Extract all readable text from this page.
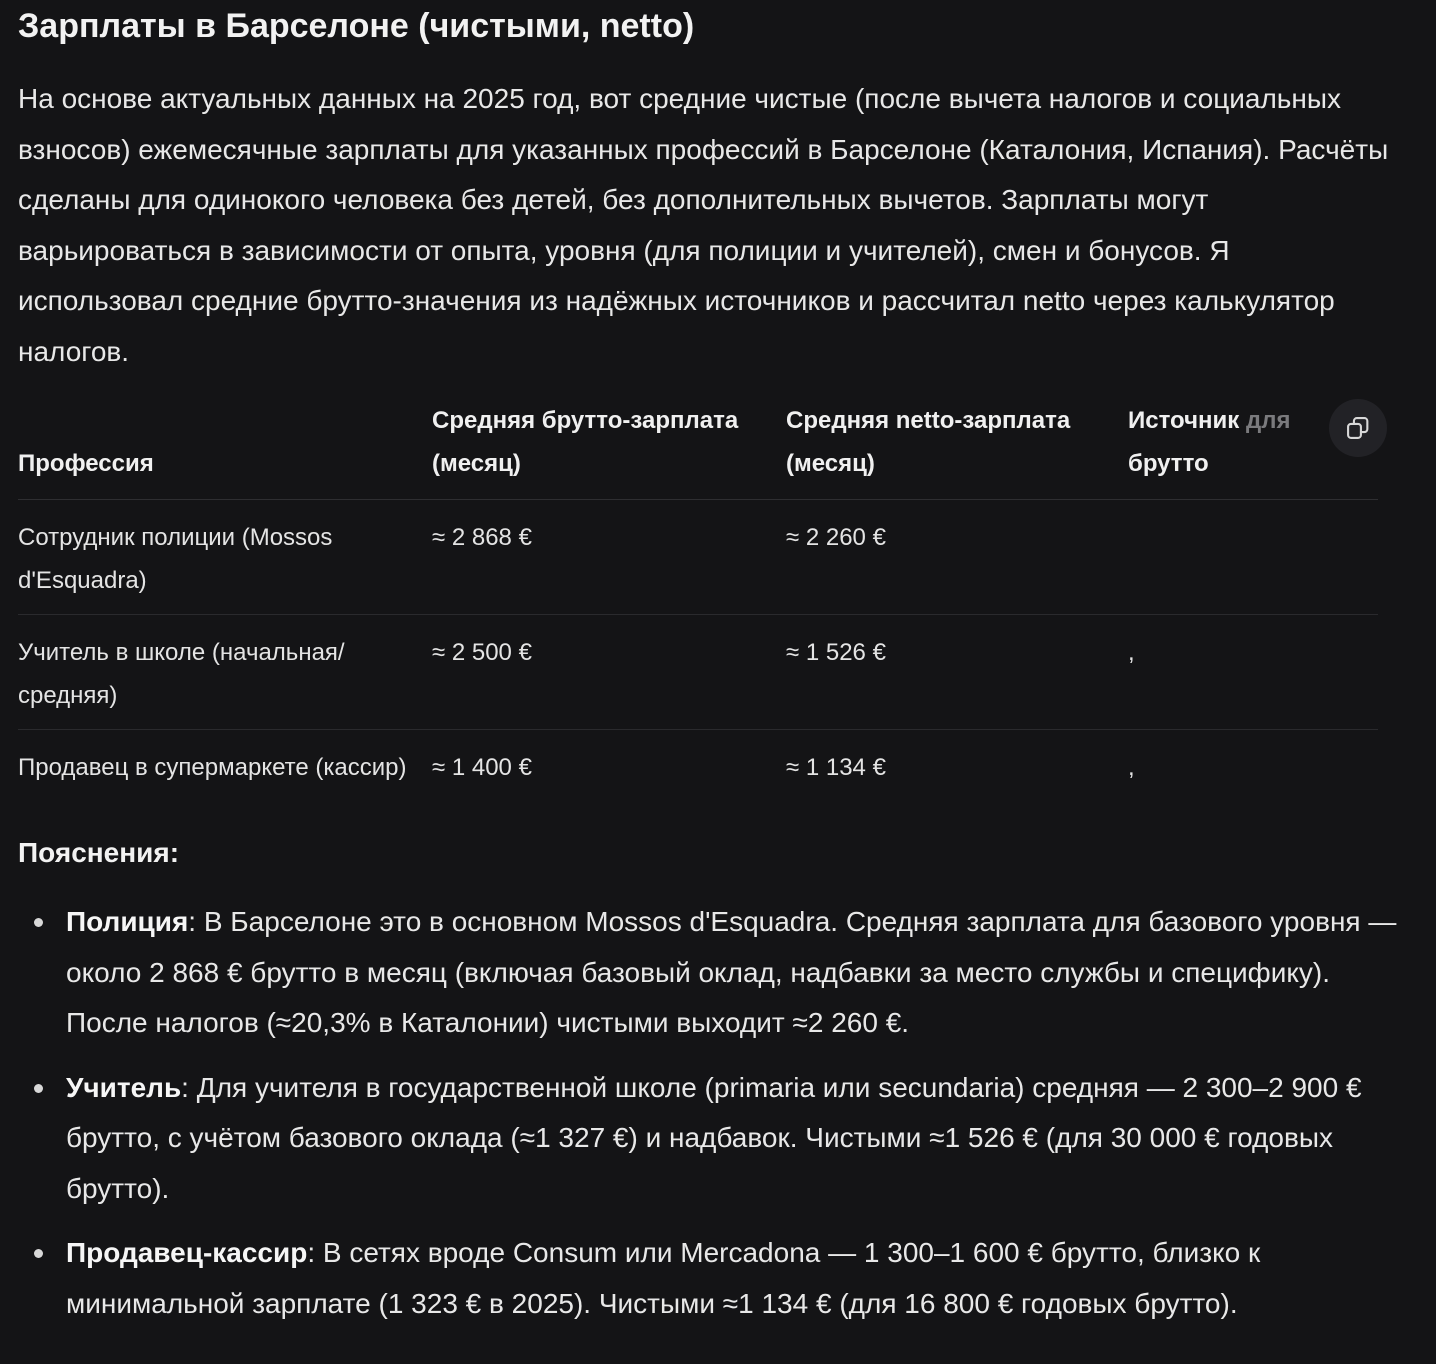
Зарплаты в Барселоне (чистыми, netto)

На основе актуальных данных на 2025 год, вот средние чистые (после вычета налогов и социальных взносов) ежемесячные зарплаты для указанных профессий в Барселоне (Каталония, Испания). Расчёты сделаны для одинокого человека без детей, без дополнительных вычетов. Зарплаты могут варьироваться в зависимости от опыта, уровня (для полиции и учителей), смен и бонусов. Я использовал средние брутто-значения из надёжных источников и рассчитал netto через калькулятор налогов.

Профессия	Средняя брутто-зарплата (месяц)	Средняя netto-зарплата (месяц)	Источник для
брутто
Сотрудник полиции (Mossos d'Esquadra)	≈ 2 868 €	≈ 2 260 €	
Учитель в школе (начальная/средняя)	≈ 2 500 €	≈ 1 526 €	,
Продавец в супермаркете (кассир)	≈ 1 400 €	≈ 1 134 €	,
Пояснения:
Полиция: В Барселоне это в основном Mossos d'Esquadra. Средняя зарплата для базового уровня — около 2 868 € брутто в месяц (включая базовый оклад, надбавки за место службы и специфику). После налогов (≈20,3% в Каталонии) чистыми выходит ≈2 260 €.
Учитель: Для учителя в государственной школе (primaria или secundaria) средняя — 2 300–2 900 € брутто, с учётом базового оклада (≈1 327 €) и надбавок. Чистыми ≈1 526 € (для 30 000 € годовых брутто).
Продавец-кассир: В сетях вроде Consum или Mercadona — 1 300–1 600 € брутто, близко к минимальной зарплате (1 323 € в 2025). Чистыми ≈1 134 € (для 16 800 € годовых брутто).
